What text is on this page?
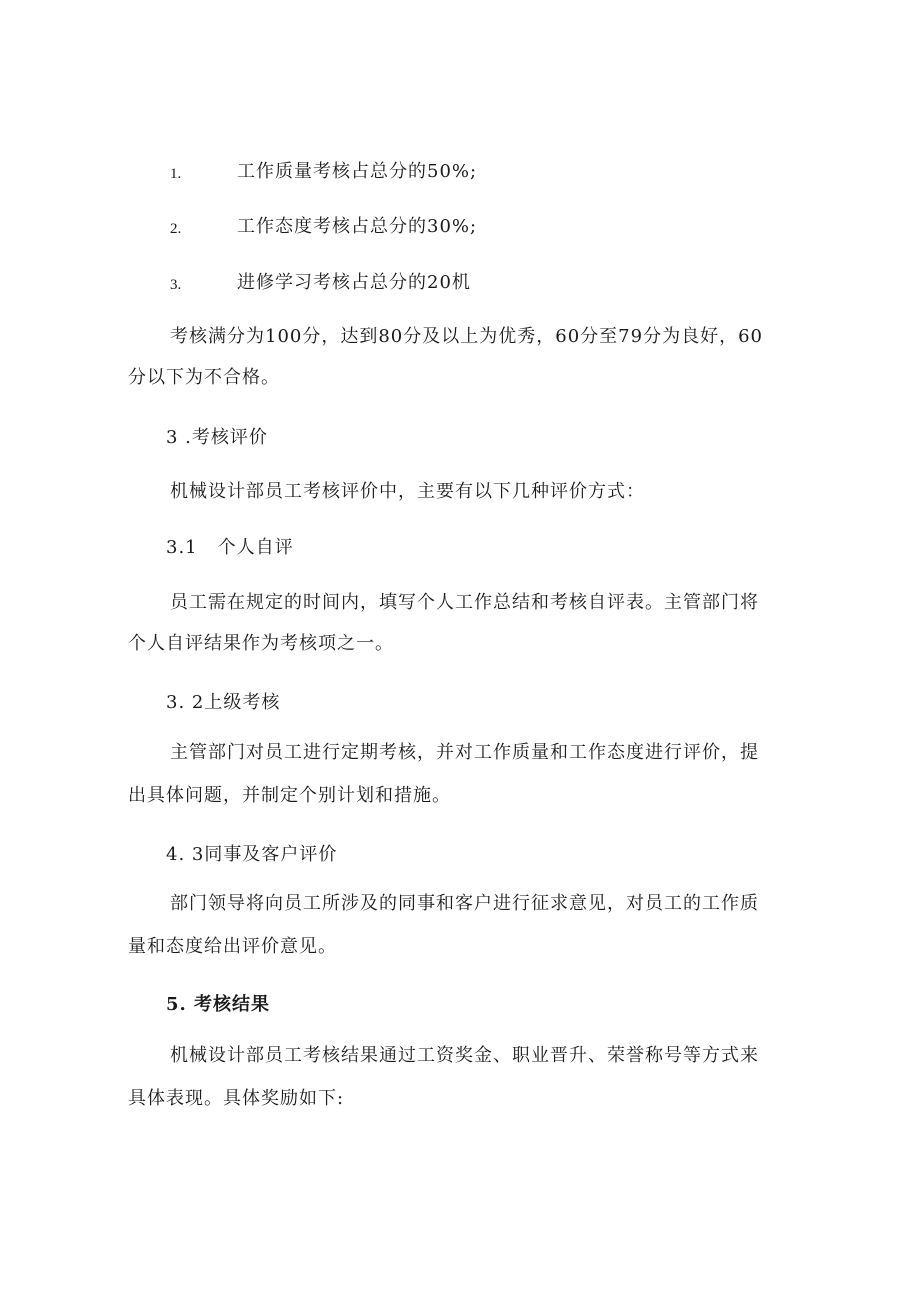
1.	工作质量考核占总分的50%;
2.	工作态度考核占总分的30%;
3.	进修学习考核占总分的20机
考核满分为100分，达到80分及以上为优秀，60分至79分为良好，60
分以下为不合格。
3 .考核评价
机械设计部员工考核评价中，主要有以下几种评价方式：
3.1   个人自评
员工需在规定的时间内，填写个人工作总结和考核自评表。主管部门将
个人自评结果作为考核项之一。
3. 2上级考核
主管部门对员工进行定期考核，并对工作质量和工作态度进行评价，提
出具体问题，并制定个别计划和措施。
4. 3同事及客户评价
部门领导将向员工所涉及的同事和客户进行征求意见，对员工的工作质
量和态度给出评价意见。
5. 考核结果
机械设计部员工考核结果通过工资奖金、职业晋升、荣誉称号等方式来
具体表现。具体奖励如下:
